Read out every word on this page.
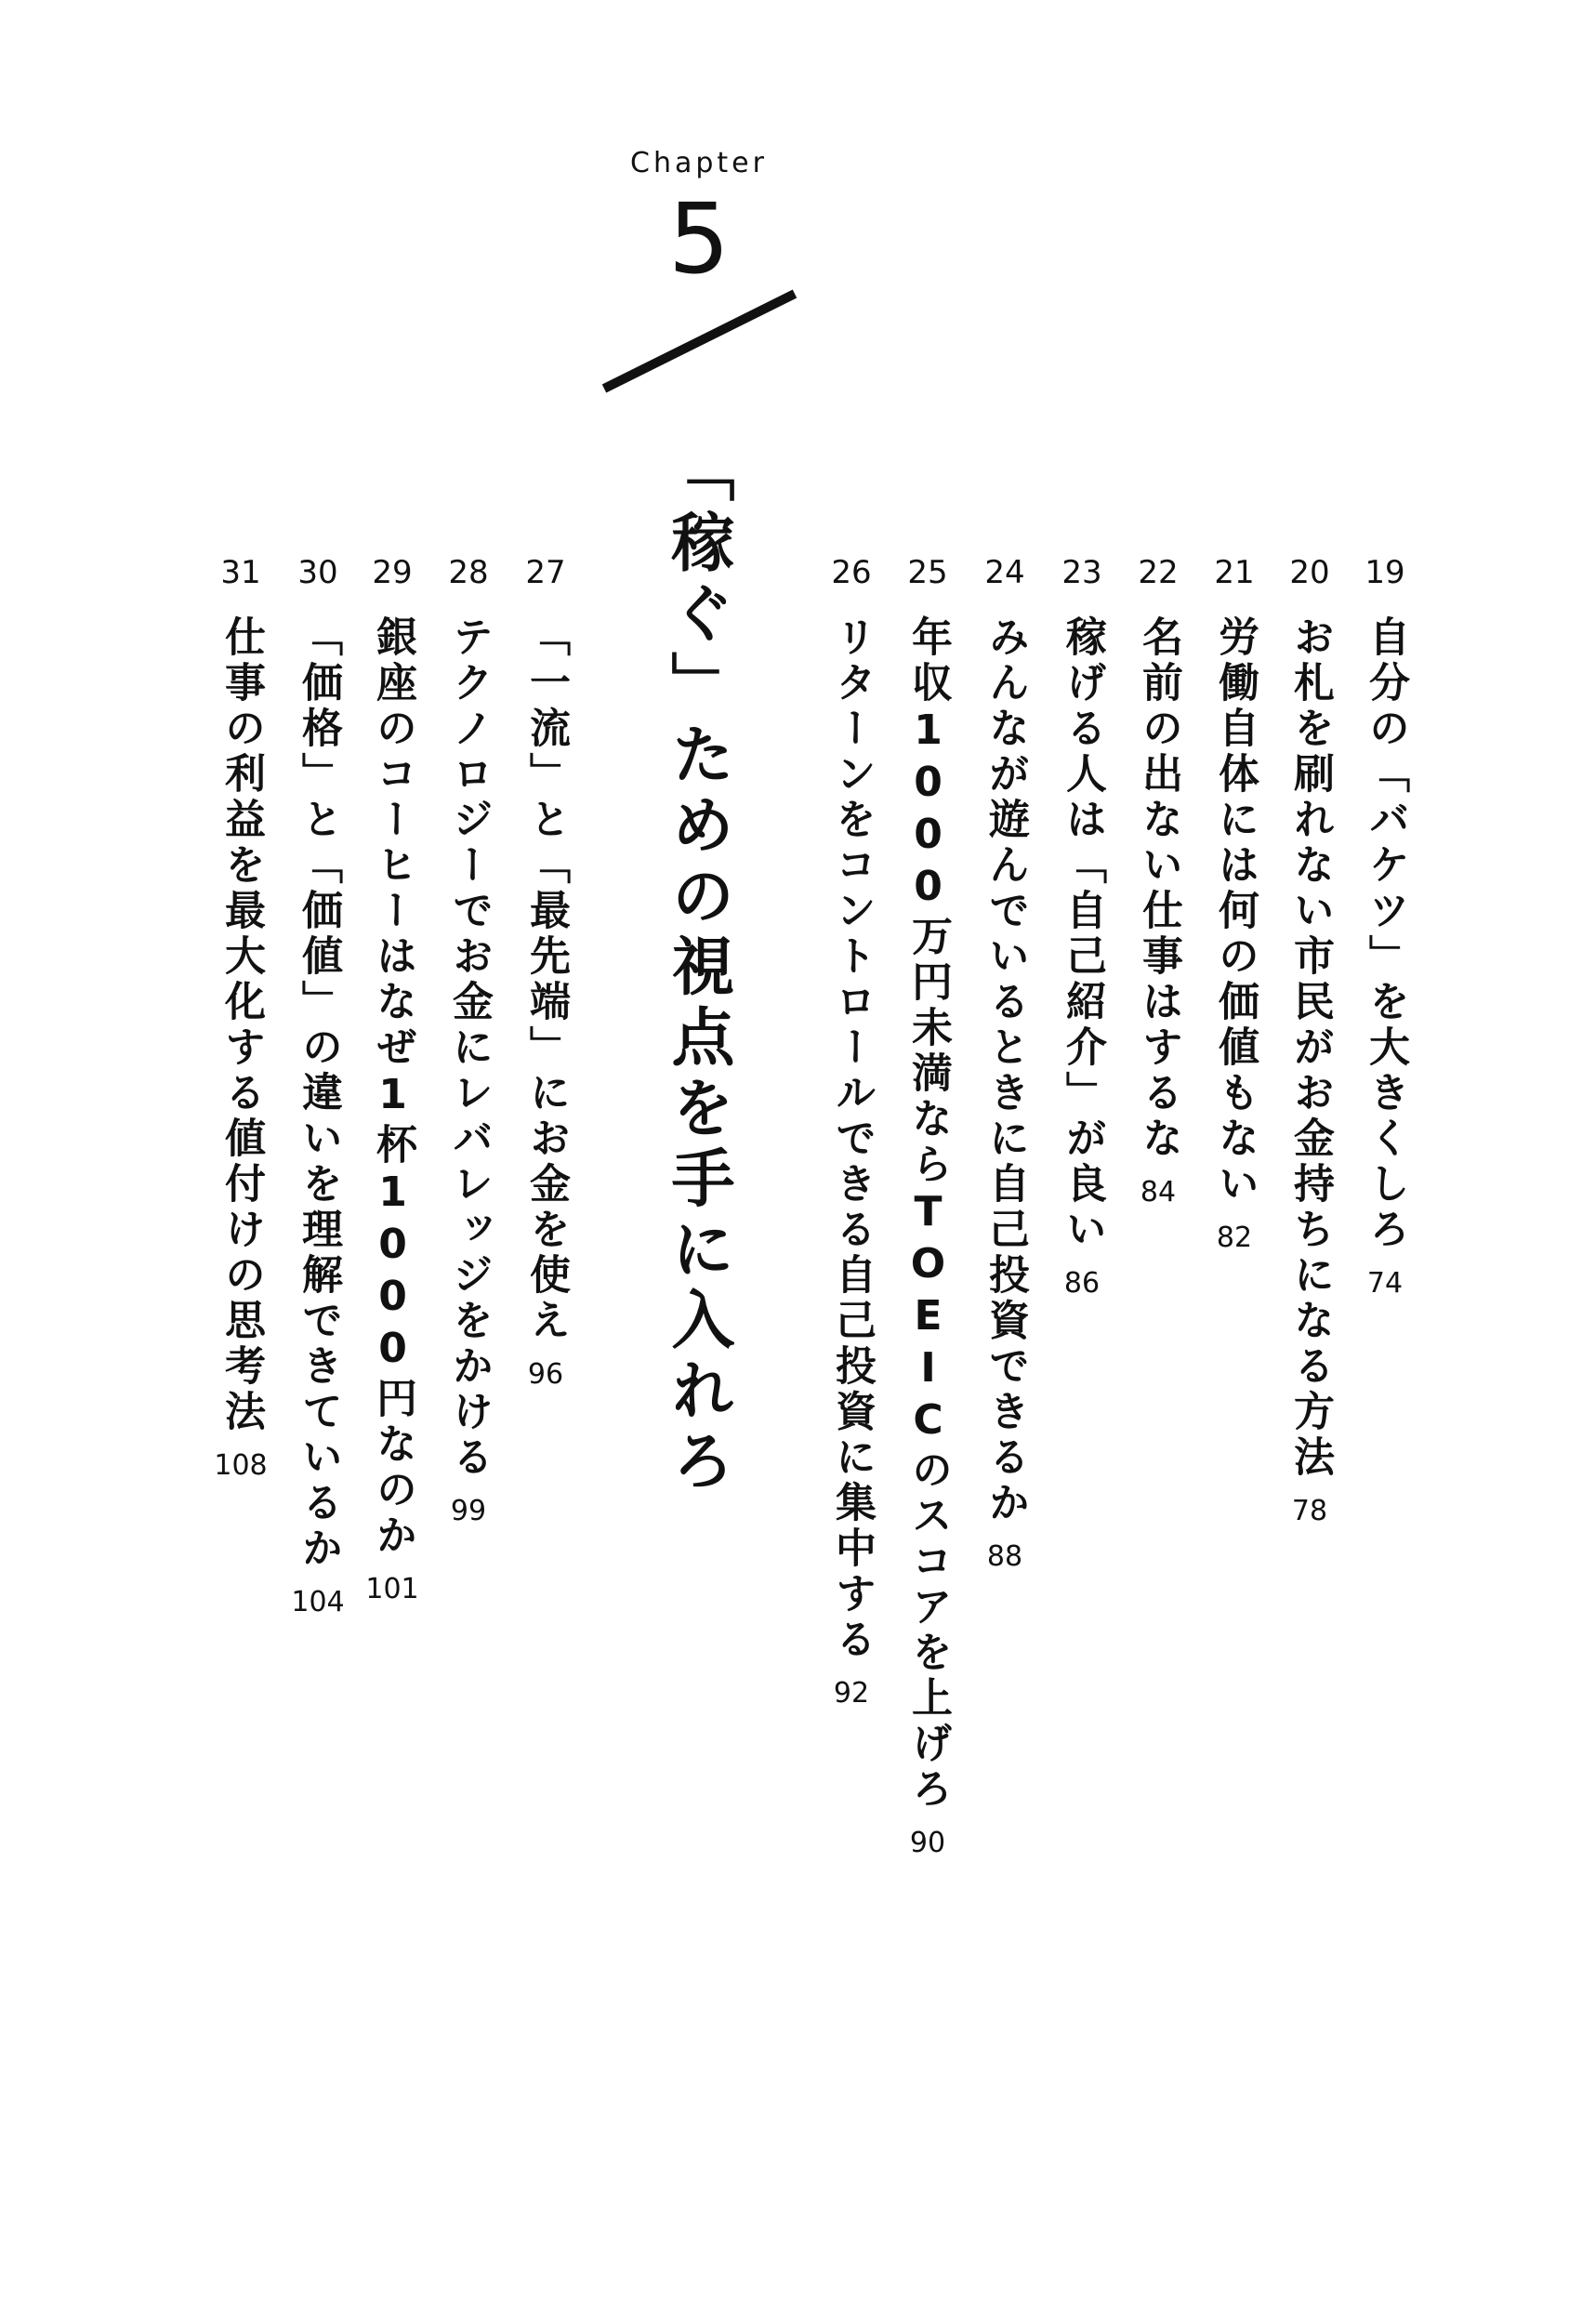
Chapter
5
「稼ぐ」ための視点を手に入れろ	19
自分の「バケツ」を大きくしろ
74
20
お札を刷れない市民がお金持ちになる方法
78
21
労働自体には何の価値もない
82
22
名前の出ない仕事はするな
84
23
稼げる人は「自己紹介」が良い
86
24
みんなが遊んでいるときに自己投資できるか
88
25
年収1000万円未満ならTOEICのスコアを上げろ
90
26
リターンをコントロールできる自己投資に集中する
92
27
「一流」と「最先端」にお金を使え
96
28
テクノロジーでお金にレバレッジをかける
99
29
銀座のコーヒーはなぜ1杯1000円なのか
101
30
「価格」と「価値」の違いを理解できているか
104
31
仕事の利益を最大化する値付けの思考法
108
